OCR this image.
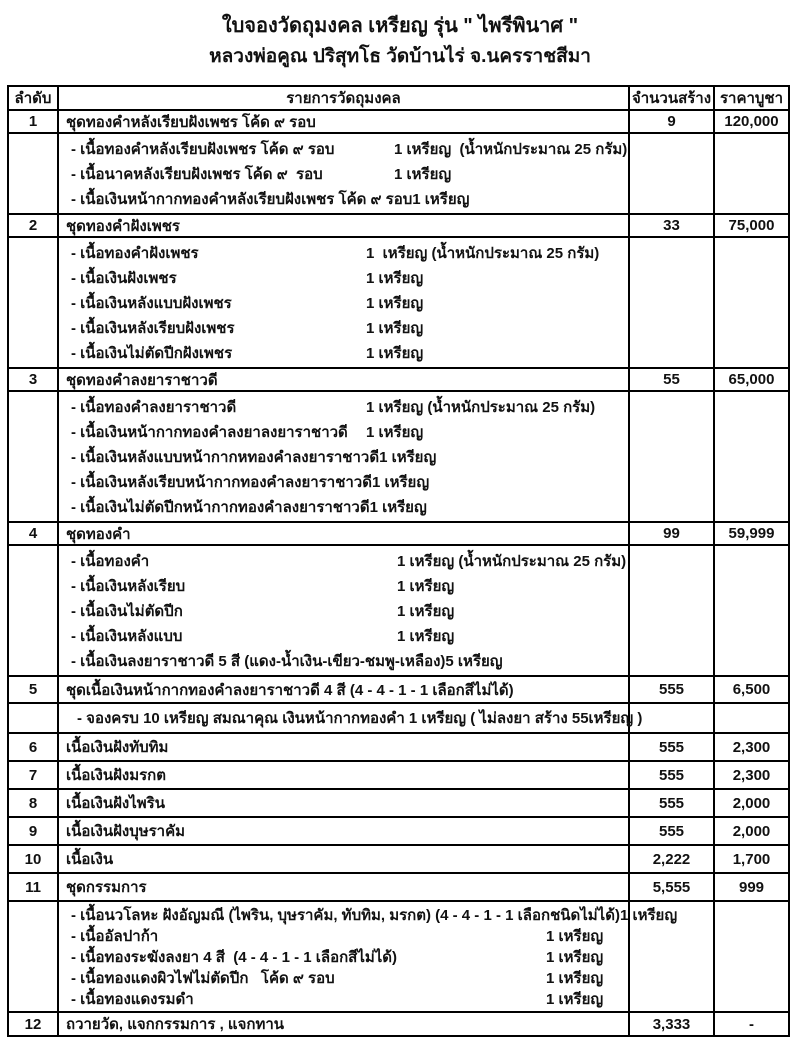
ใบจองวัดถุมงคล เหรียญ รุ่น " ไพรีพินาศ "
หลวงพ่อคูณ ปริสุทโธ วัดบ้านไร่ จ.นครราชสีมา
ลำดับ	รายการวัดถุมงคล	จำนวนสร้าง ราคาบูชา
1	ชุดทองคำหลังเรียบฝังเพชร โค้ด ๙ รอบ	9	120,000
- เนื้อทองคำหลังเรียบฝังเพชร โค้ด ๙ รอบ	1 เหรียญ  (น้ำหนักประมาณ 25 กรัม)
- เนื้อนาคหลังเรียบฝังเพชร โค้ด ๙  รอบ	1 เหรียญ
- เนื้อเงินหน้ากากทองคำหลังเรียบฝังเพชร โค้ด ๙ รอบ 1 เหรียญ
2	ชุดทองคำฝังเพชร	33	75,000
- เนื้อทองคำฝังเพชร	1  เหรียญ (น้ำหนักประมาณ 25 กรัม)
- เนื้อเงินฝังเพชร	1 เหรียญ
- เนื้อเงินหลังแบบฝังเพชร	1 เหรียญ
- เนื้อเงินหลังเรียบฝังเพชร	1 เหรียญ
- เนื้อเงินไม่ตัดปีกฝังเพชร	1 เหรียญ
3	ชุดทองคำลงยาราชาวดี	55	65,000
- เนื้อทองคำลงยาราชาวดี	1 เหรียญ (น้ำหนักประมาณ 25 กรัม)
- เนื้อเงินหน้ากากทองคำลงยาลงยาราชาวดี	1 เหรียญ
- เนื้อเงินหลังแบบหน้ากากหทองคำลงยาราชาวดี 1 เหรียญ
- เนื้อเงินหลังเรียบหน้ากากทองคำลงยาราชาวดี 1 เหรียญ
- เนื้อเงินไม่ตัดปีกหน้ากากทองคำลงยาราชาวดี 1 เหรียญ
4	ชุดทองคำ	99	59,999
- เนื้อทองคำ	1 เหรียญ (น้ำหนักประมาณ 25 กรัม)
- เนื้อเงินหลังเรียบ	1 เหรียญ
- เนื้อเงินไม่ตัดปีก	1 เหรียญ
- เนื้อเงินหลังแบบ	1 เหรียญ
- เนื้อเงินลงยาราชาวดี 5 สี (แดง-น้ำเงิน-เขียว-ชมพู-เหลือง) 5 เหรียญ
5	ชุดเนื้อเงินหน้ากากทองคำลงยาราชาวดี 4 สี (4 - 4 - 1 - 1 เลือกสีไม่ได้)	555	6,500
- จองครบ 10 เหรียญ สมณาคุณ เงินหน้ากากทองคำ 1 เหรียญ ( ไม่ลงยา สร้าง 55เหรียญ )
6	เนื้อเงินฝังทับทิม	555	2,300
7	เนื้อเงินฝังมรกต	555	2,300
8	เนื้อเงินฝังไพริน	555	2,000
9	เนื้อเงินฝังบุษราคัม	555	2,000
10	เนื้อเงิน	2,222	1,700
11	ชุดกรรมการ	5,555	999
- เนื้อนวโลหะ ฝังอัญมณี (ไพริน, บุษราคัม, ทับทิม, มรกต) (4 - 4 - 1 - 1 เลือกชนิดไม่ได้) 1 เหรียญ
- เนื้ออัลปาก้า	1 เหรียญ
- เนื้อทองระฆังลงยา 4 สี  (4 - 4 - 1 - 1 เลือกสีไม่ได้)	1 เหรียญ
- เนื้อทองแดงผิวไฟไม่ตัดปีก   โค้ด ๙ รอบ	1 เหรียญ
- เนื้อทองแดงรมดำ	1 เหรียญ
12	ถวายวัด, แจกกรรมการ , แจกทาน	3,333	-
